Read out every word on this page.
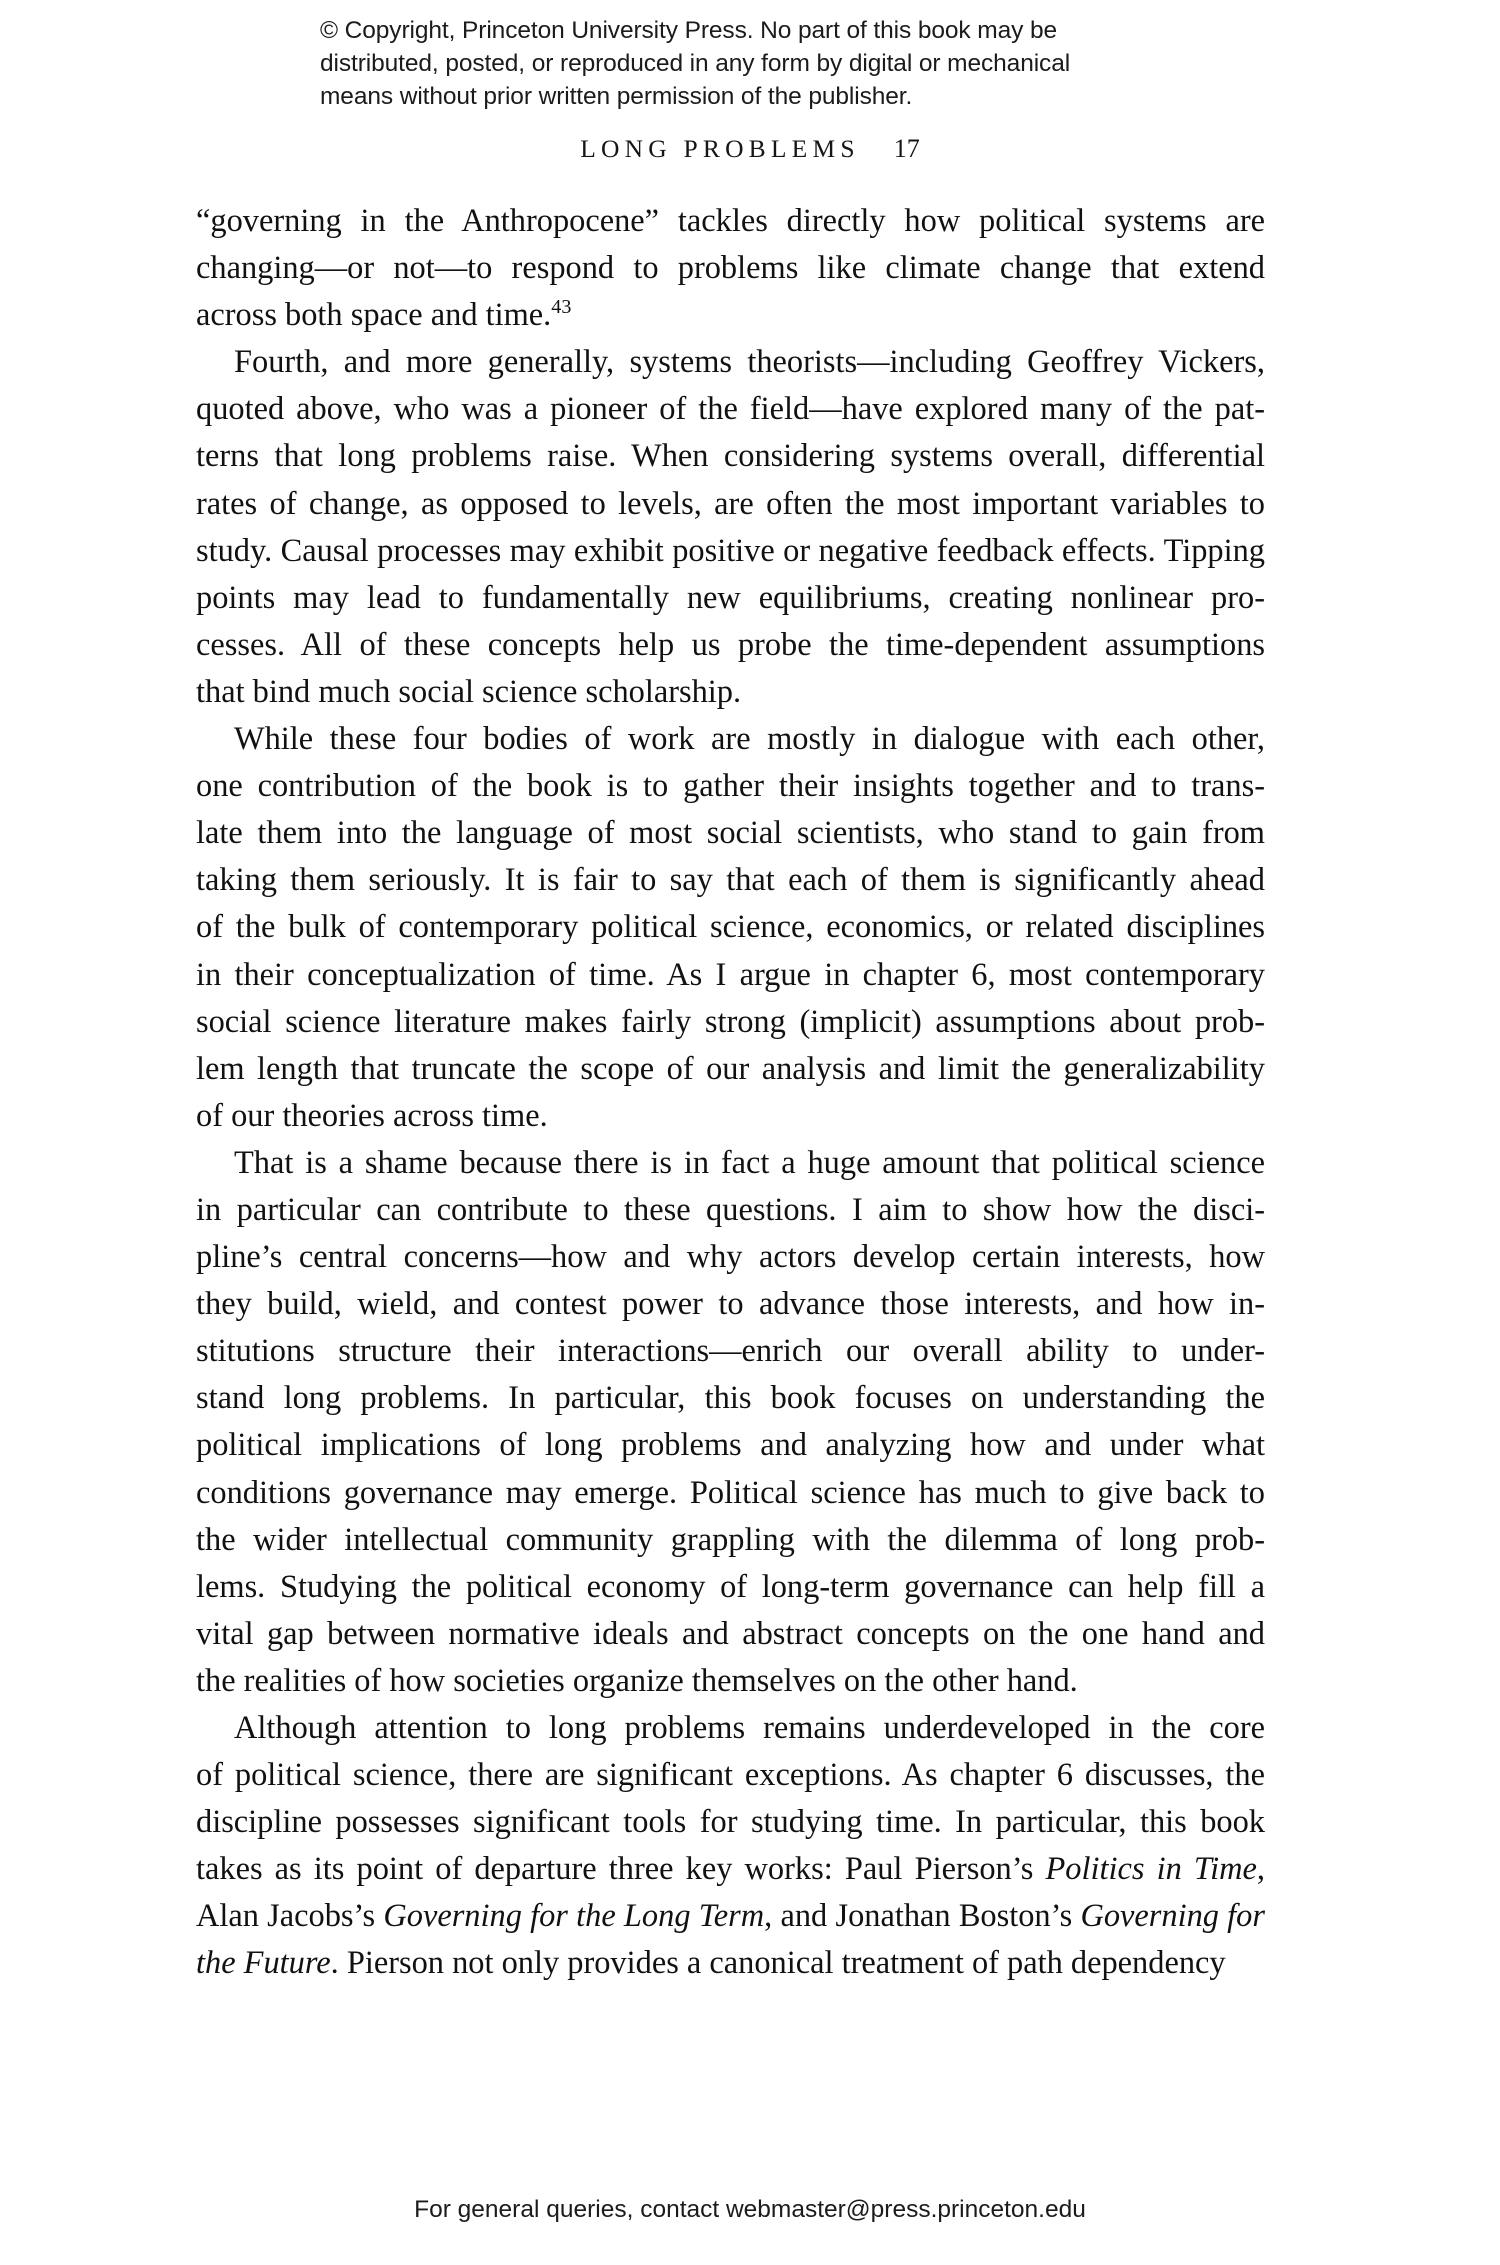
© Copyright, Princeton University Press. No part of this book may be
distributed, posted, or reproduced in any form by digital or mechanical
means without prior written permission of the publisher.
LONG PROBLEMS 17
“governing in the Anthropocene” tackles directly how political systems are
changing—or not—to respond to problems like climate change that extend
across both space and time.$^{43}$
Fourth, and more generally, systems theorists—including Geoffrey Vickers,
quoted above, who was a pioneer of the field—have explored many of the pat-
terns that long problems raise. When considering systems overall, differential
rates of change, as opposed to levels, are often the most important variables to
study. Causal processes may exhibit positive or negative feedback effects. Tipping
points may lead to fundamentally new equilibriums, creating nonlinear pro-
cesses. All of these concepts help us probe the time-dependent assumptions
that bind much social science scholarship.
While these four bodies of work are mostly in dialogue with each other,
one contribution of the book is to gather their insights together and to trans-
late them into the language of most social scientists, who stand to gain from
taking them seriously. It is fair to say that each of them is significantly ahead
of the bulk of contemporary political science, economics, or related disciplines
in their conceptualization of time. As I argue in chapter 6, most contemporary
social science literature makes fairly strong (implicit) assumptions about prob-
lem length that truncate the scope of our analysis and limit the generalizability
of our theories across time.
That is a shame because there is in fact a huge amount that political science
in particular can contribute to these questions. I aim to show how the disci-
pline’s central concerns—how and why actors develop certain interests, how
they build, wield, and contest power to advance those interests, and how in-
stitutions structure their interactions—enrich our overall ability to under-
stand long problems. In particular, this book focuses on understanding the
political implications of long problems and analyzing how and under what
conditions governance may emerge. Political science has much to give back to
the wider intellectual community grappling with the dilemma of long prob-
lems. Studying the political economy of long-term governance can help fill a
vital gap between normative ideals and abstract concepts on the one hand and
the realities of how societies organize themselves on the other hand.
Although attention to long problems remains underdeveloped in the core
of political science, there are significant exceptions. As chapter 6 discusses, the
discipline possesses significant tools for studying time. In particular, this book
takes as its point of departure three key works: Paul Pierson’s Politics in Time,
Alan Jacobs’s Governing for the Long Term, and Jonathan Boston’s Governing for
the Future. Pierson not only provides a canonical treatment of path dependency
For general queries, contact webmaster@press.princeton.edu
